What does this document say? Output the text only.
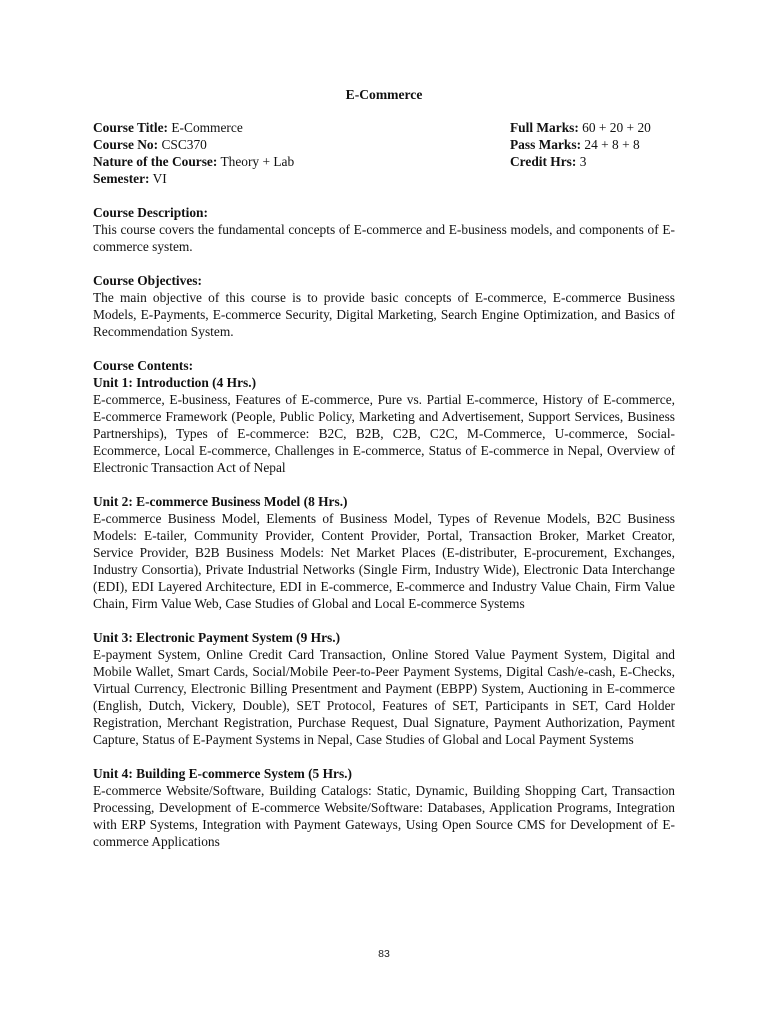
E-Commerce
Course Title: E-Commerce
Course No: CSC370
Nature of the Course: Theory + Lab
Semester: VI
Full Marks: 60 + 20 + 20
Pass Marks: 24 + 8 + 8
Credit Hrs: 3
Course Description:

This course covers the fundamental concepts of E-commerce and E-business models, and components of E-commerce system.

Course Objectives:

The main objective of this course is to provide basic concepts of E-commerce, E-commerce Business Models, E-Payments, E-commerce Security, Digital Marketing, Search Engine Optimization, and Basics of Recommendation System.

Course Contents:
Unit 1: Introduction (4 Hrs.)

E-commerce, E-business, Features of E-commerce, Pure vs. Partial E-commerce, History of E-commerce, E-commerce Framework (People, Public Policy, Marketing and Advertisement, Support Services, Business Partnerships), Types of E-commerce: B2C, B2B, C2B, C2C, M-Commerce, U-commerce, Social-Ecommerce, Local E-commerce, Challenges in E-commerce, Status of E-commerce in Nepal, Overview of Electronic Transaction Act of Nepal

Unit 2: E-commerce Business Model (8 Hrs.)

E-commerce Business Model, Elements of Business Model, Types of Revenue Models, B2C Business Models: E-tailer, Community Provider, Content Provider, Portal, Transaction Broker, Market Creator, Service Provider, B2B Business Models: Net Market Places (E-distributer, E-procurement, Exchanges, Industry Consortia), Private Industrial Networks (Single Firm, Industry Wide), Electronic Data Interchange (EDI), EDI Layered Architecture, EDI in E-commerce, E-commerce and Industry Value Chain, Firm Value Chain, Firm Value Web, Case Studies of Global and Local E-commerce Systems

Unit 3: Electronic Payment System (9 Hrs.)

E-payment System, Online Credit Card Transaction, Online Stored Value Payment System, Digital and Mobile Wallet, Smart Cards, Social/Mobile Peer-to-Peer Payment Systems, Digital Cash/e-cash, E-Checks, Virtual Currency, Electronic Billing Presentment and Payment (EBPP) System, Auctioning in E-commerce (English, Dutch, Vickery, Double), SET Protocol, Features of SET, Participants in SET, Card Holder Registration, Merchant Registration, Purchase Request, Dual Signature, Payment Authorization, Payment Capture, Status of E-Payment Systems in Nepal, Case Studies of Global and Local Payment Systems

Unit 4: Building E-commerce System (5 Hrs.)

E-commerce Website/Software, Building Catalogs: Static, Dynamic, Building Shopping Cart, Transaction Processing, Development of E-commerce Website/Software: Databases, Application Programs, Integration with ERP Systems, Integration with Payment Gateways, Using Open Source CMS for Development of E-commerce Applications

83
